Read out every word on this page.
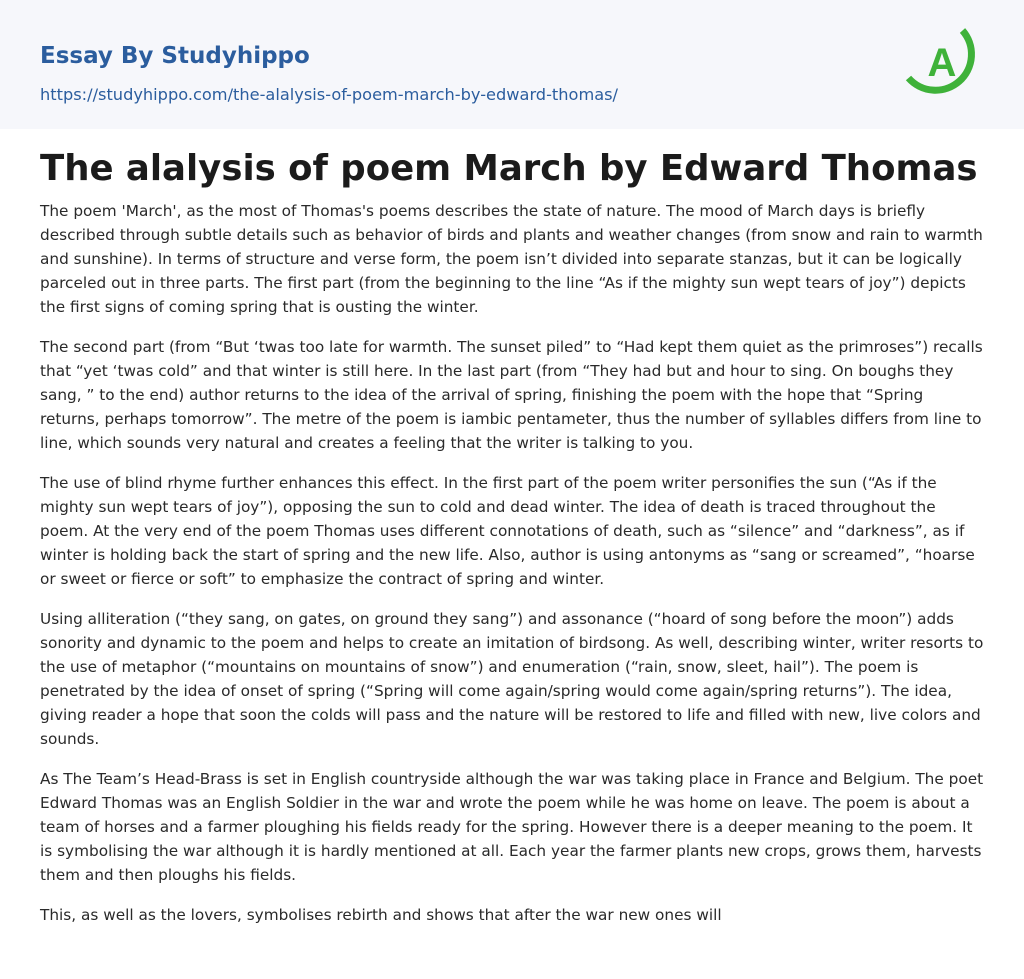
Essay By Studyhippo
https://studyhippo.com/the-alalysis-of-poem-march-by-edward-thomas/
A
The alalysis of poem March by Edward Thomas

The poem 'March', as the most of Thomas's poems describes the state of nature. The mood of March days is briefly described through subtle details such as behavior of birds and plants and weather changes (from snow and rain to warmth and sunshine). In terms of structure and verse form, the poem isn’t divided into separate stanzas, but it can be logically parceled out in three parts. The first part (from the beginning to the line “As if the mighty sun wept tears of joy”) depicts the first signs of coming spring that is ousting the winter.

The second part (from “But ‘twas too late for warmth. The sunset piled” to “Had kept them quiet as the primroses”) recalls that “yet ‘twas cold” and that winter is still here. In the last part (from “They had but and hour to sing. On boughs they sang, ” to the end) author returns to the idea of the arrival of spring, finishing the poem with the hope that “Spring returns, perhaps tomorrow”. The metre of the poem is iambic pentameter, thus the number of syllables differs from line to line, which sounds very natural and creates a feeling that the writer is talking to you.

The use of blind rhyme further enhances this effect. In the first part of the poem writer personifies the sun (“As if the mighty sun wept tears of joy”), opposing the sun to cold and dead winter. The idea of death is traced throughout the poem. At the very end of the poem Thomas uses different connotations of death, such as “silence” and “darkness”, as if winter is holding back the start of spring and the new life. Also, author is using antonyms as “sang or screamed”, “hoarse or sweet or fierce or soft” to emphasize the contract of spring and winter.

Using alliteration (“they sang, on gates, on ground they sang”) and assonance (“hoard of song before the moon”) adds sonority and dynamic to the poem and helps to create an imitation of birdsong. As well, describing winter, writer resorts to the use of metaphor (“mountains on mountains of snow”) and enumeration (“rain, snow, sleet, hail”). The poem is penetrated by the idea of onset of spring (“Spring will come again/spring would come again/spring returns”). The idea, giving reader a hope that soon the colds will pass and the nature will be restored to life and filled with new, live colors and sounds.

As The Team’s Head-Brass is set in English countryside although the war was taking place in France and Belgium. The poet Edward Thomas was an English Soldier in the war and wrote the poem while he was home on leave. The poem is about a team of horses and a farmer ploughing his fields ready for the spring. However there is a deeper meaning to the poem. It is symbolising the war although it is hardly mentioned at all. Each year the farmer plants new crops, grows them, harvests them and then ploughs his fields.

This, as well as the lovers, symbolises rebirth and shows that after the war new ones will
